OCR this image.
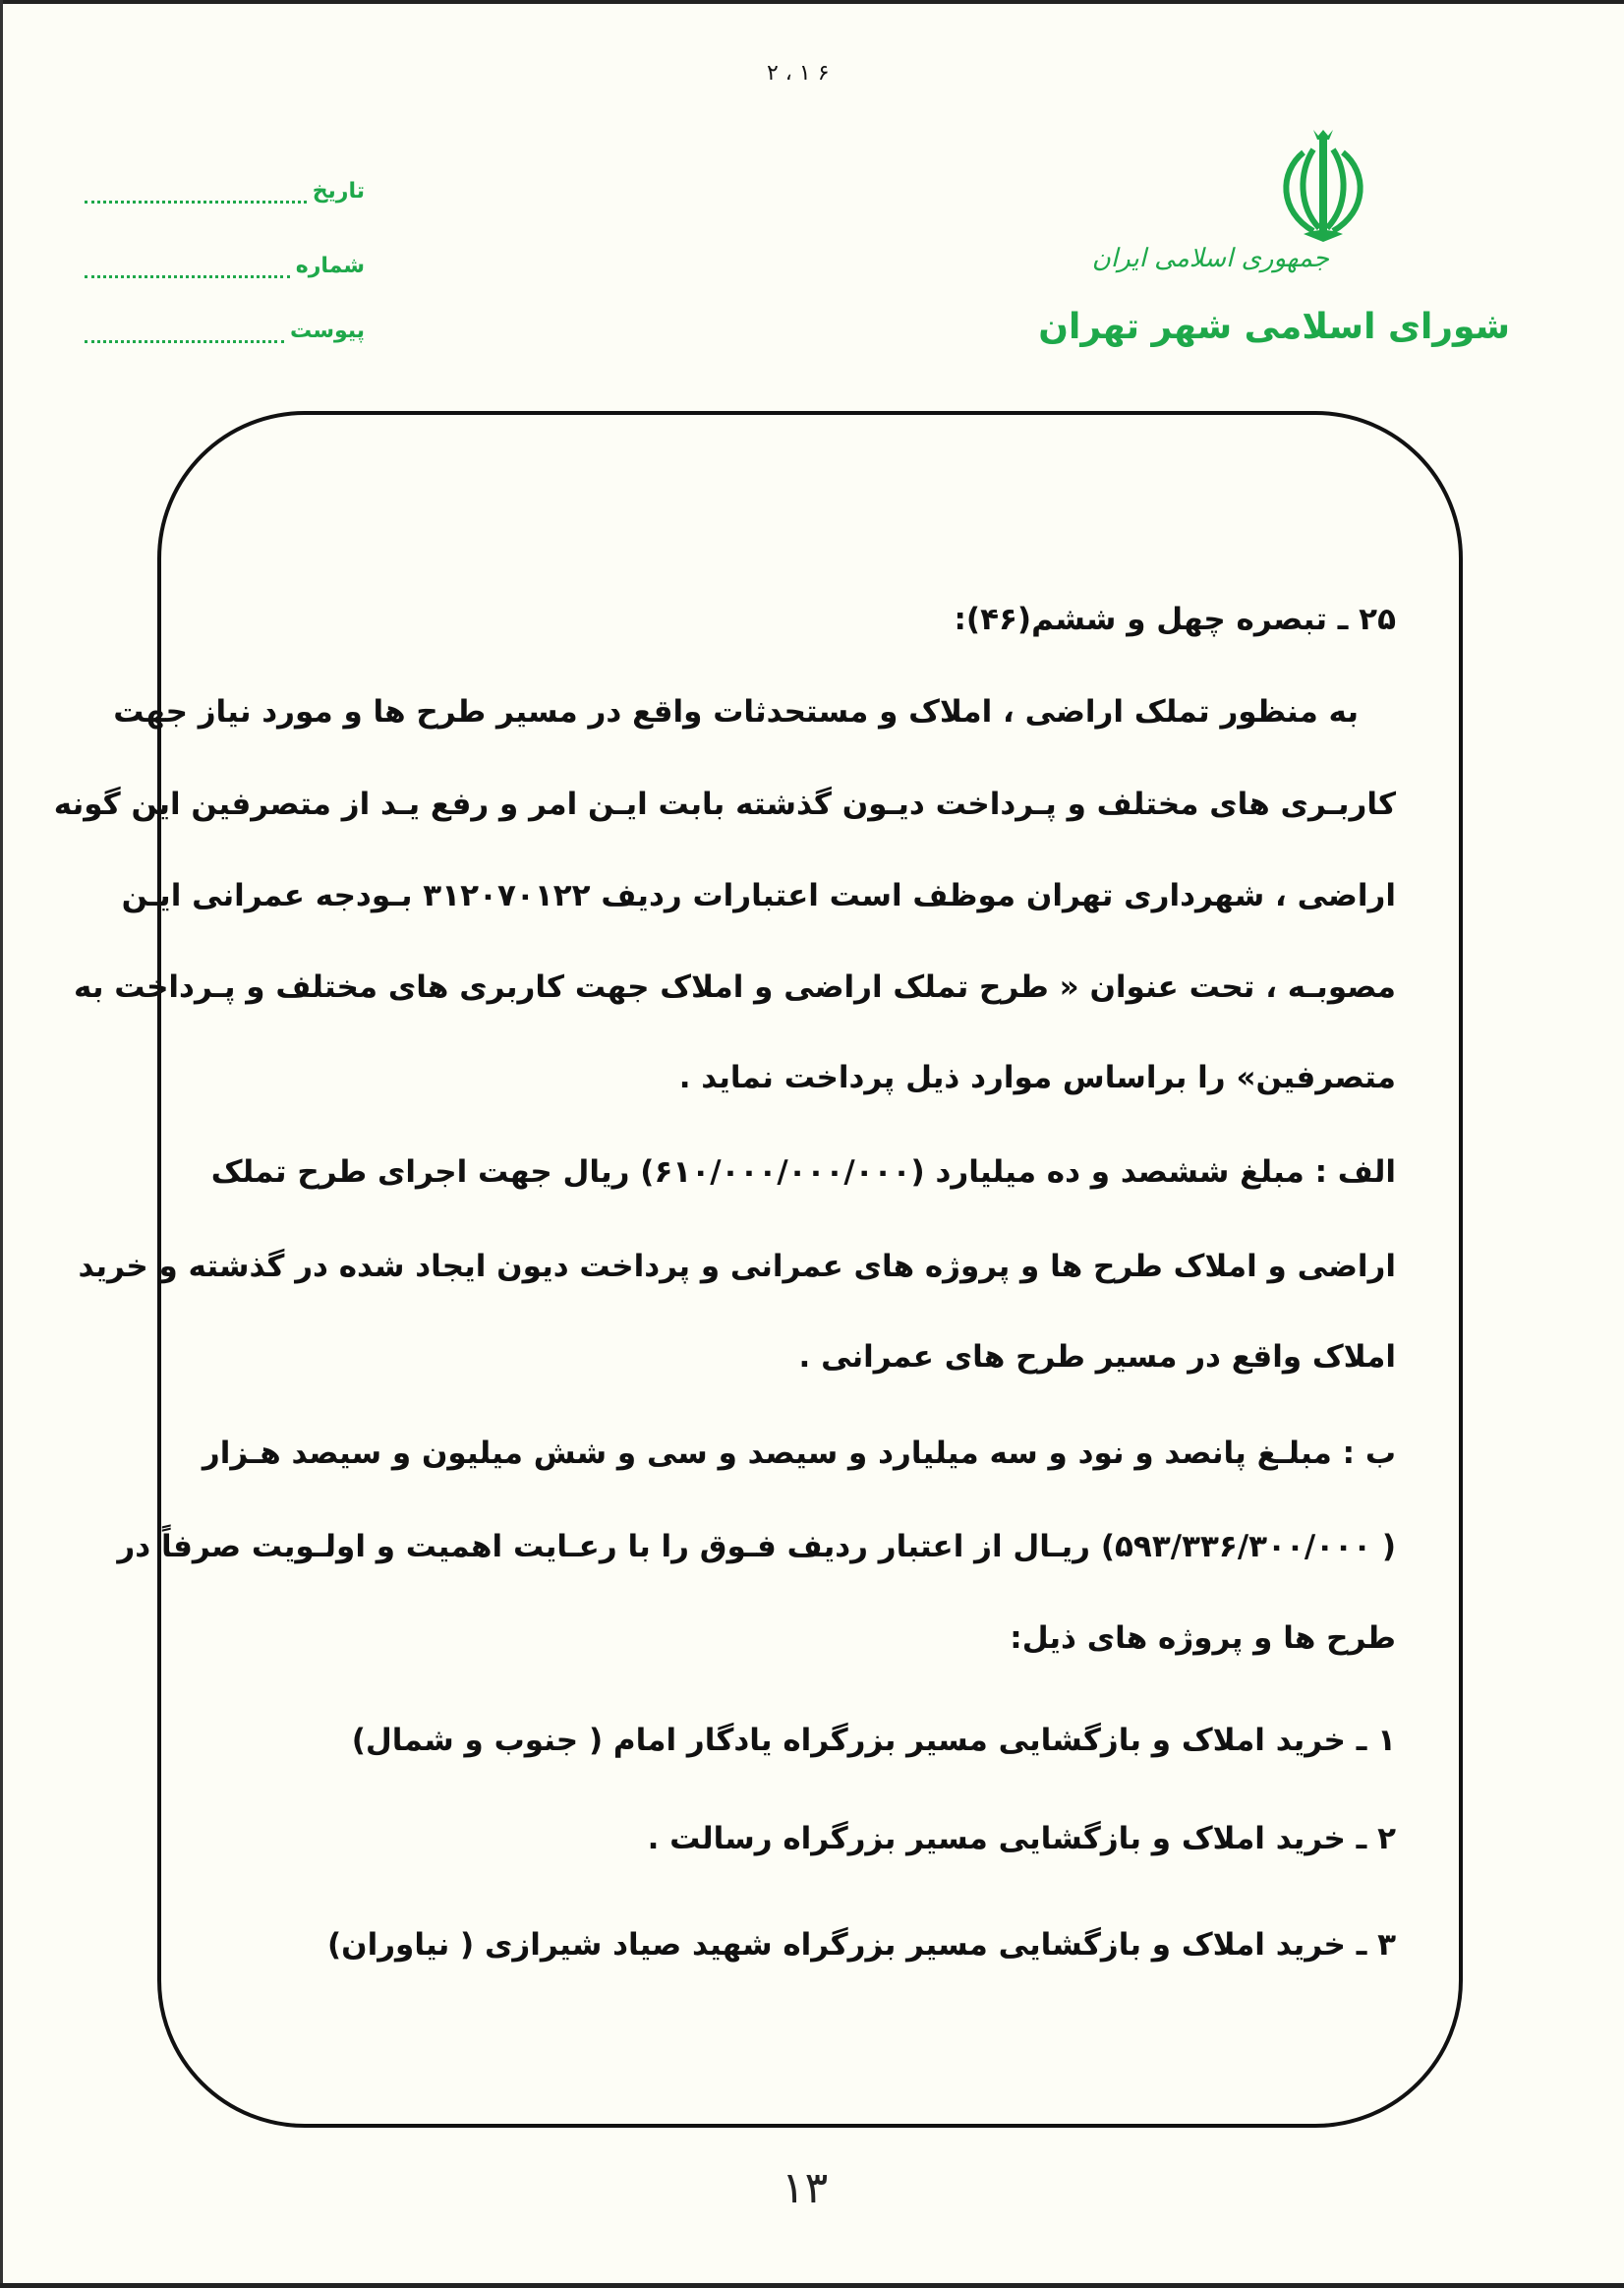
۲ ، ۱ ۶
جمهوری اسلامی ایران
شورای اسلامی شهر تهران
تاریخ
شماره
پیوست
۲۵ ـ تبصره چهل و ششم(۴۶):
به منظور تملک اراضی ، املاک و مستحدثات واقع در مسیر طرح ها و مورد نیاز جهت
کاربـری های مختلف و پـرداخت دیـون گذشته بابت ایـن امر و رفع یـد از متصرفین این گونه
اراضی ، شهرداری تهران موظف است اعتبارات ردیف ۳۱۲۰۷۰۱۲۲ بـودجه عمرانی ایـن
مصوبـه ، تحت عنوان « طرح تملک اراضی و املاک جهت کاربری های مختلف و پـرداخت به
متصرفین» را براساس موارد ذیل پرداخت نماید .
الف : مبلغ ششصد و ده میلیارد (۶۱۰/۰۰۰/۰۰۰/۰۰۰) ریال جهت اجرای طرح تملک
اراضی و املاک طرح ها و پروژه های عمرانی و پرداخت دیون ایجاد شده در گذشته و خرید
املاک واقع در مسیر طرح های عمرانی .
ب : مبلـغ پانصد و نود و سه میلیارد و سیصد و سی و شش میلیون و سیصد هـزار
( ۵۹۳/۳۳۶/۳۰۰/۰۰۰) ریـال از اعتبار ردیف فـوق را با رعـایت اهمیت و اولـویت صرفاً در
طرح ها و پروژه های ذیل:
۱ ـ خرید املاک و بازگشایی مسیر بزرگراه یادگار امام ( جنوب و شمال)
۲ ـ خرید املاک و بازگشایی مسیر بزرگراه رسالت .
۳ ـ خرید املاک و بازگشایی مسیر بزرگراه شهید صیاد شیرازی ( نیاوران)
۱۳
